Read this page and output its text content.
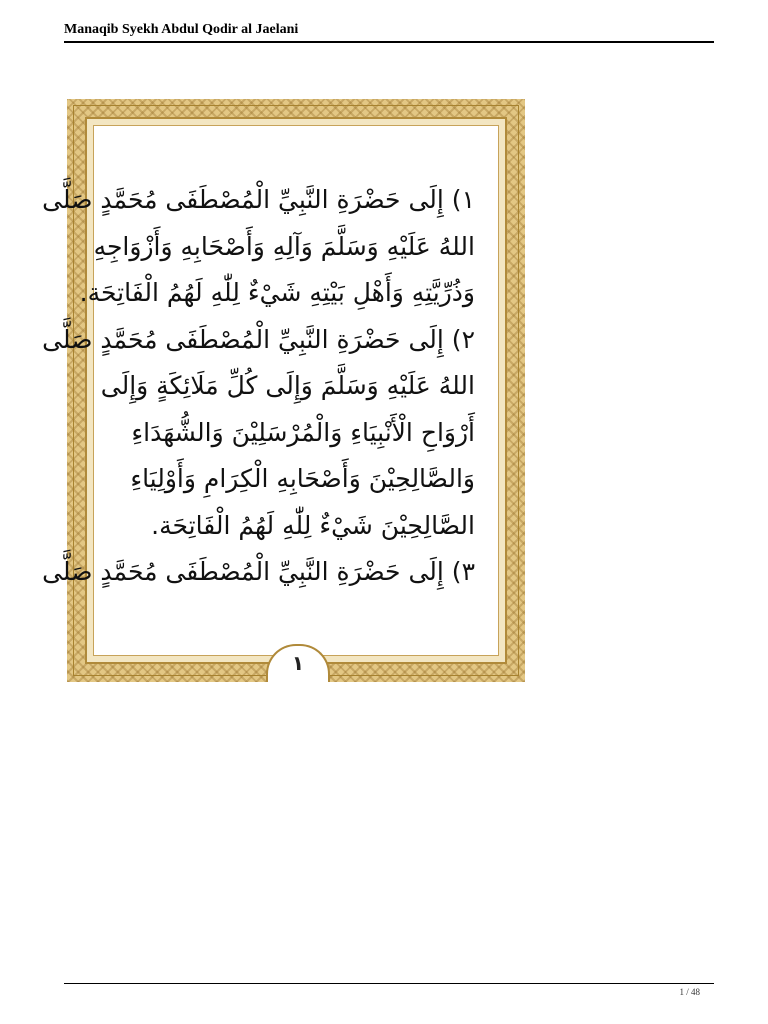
Manaqib Syekh Abdul Qodir al Jaelani
١) إِلَى حَضْرَةِ النَّبِيِّ الْمُصْطَفَى مُحَمَّدٍ صَلَّى
اللهُ عَلَيْهِ وَسَلَّمَ وَآلِهِ وَأَصْحَابِهِ وَأَزْوَاجِهِ
وَذُرِّيَّتِهِ وَأَهْلِ بَيْتِهِ شَيْءٌ لِلّٰهِ لَهُمُ الْفَاتِحَة.
٢) إِلَى حَضْرَةِ النَّبِيِّ الْمُصْطَفَى مُحَمَّدٍ صَلَّى
اللهُ عَلَيْهِ وَسَلَّمَ وَإِلَى كُلِّ مَلَائِكَةٍ وَإِلَى
أَرْوَاحِ الْأَنْبِيَاءِ وَالْمُرْسَلِيْنَ وَالشُّهَدَاءِ
وَالصَّالِحِيْنَ وَأَصْحَابِهِ الْكِرَامِ وَأَوْلِيَاءِ
الصَّالِحِيْنَ شَيْءٌ لِلّٰهِ لَهُمُ الْفَاتِحَة.
٣) إِلَى حَضْرَةِ النَّبِيِّ الْمُصْطَفَى مُحَمَّدٍ صَلَّى
١
1 / 48
